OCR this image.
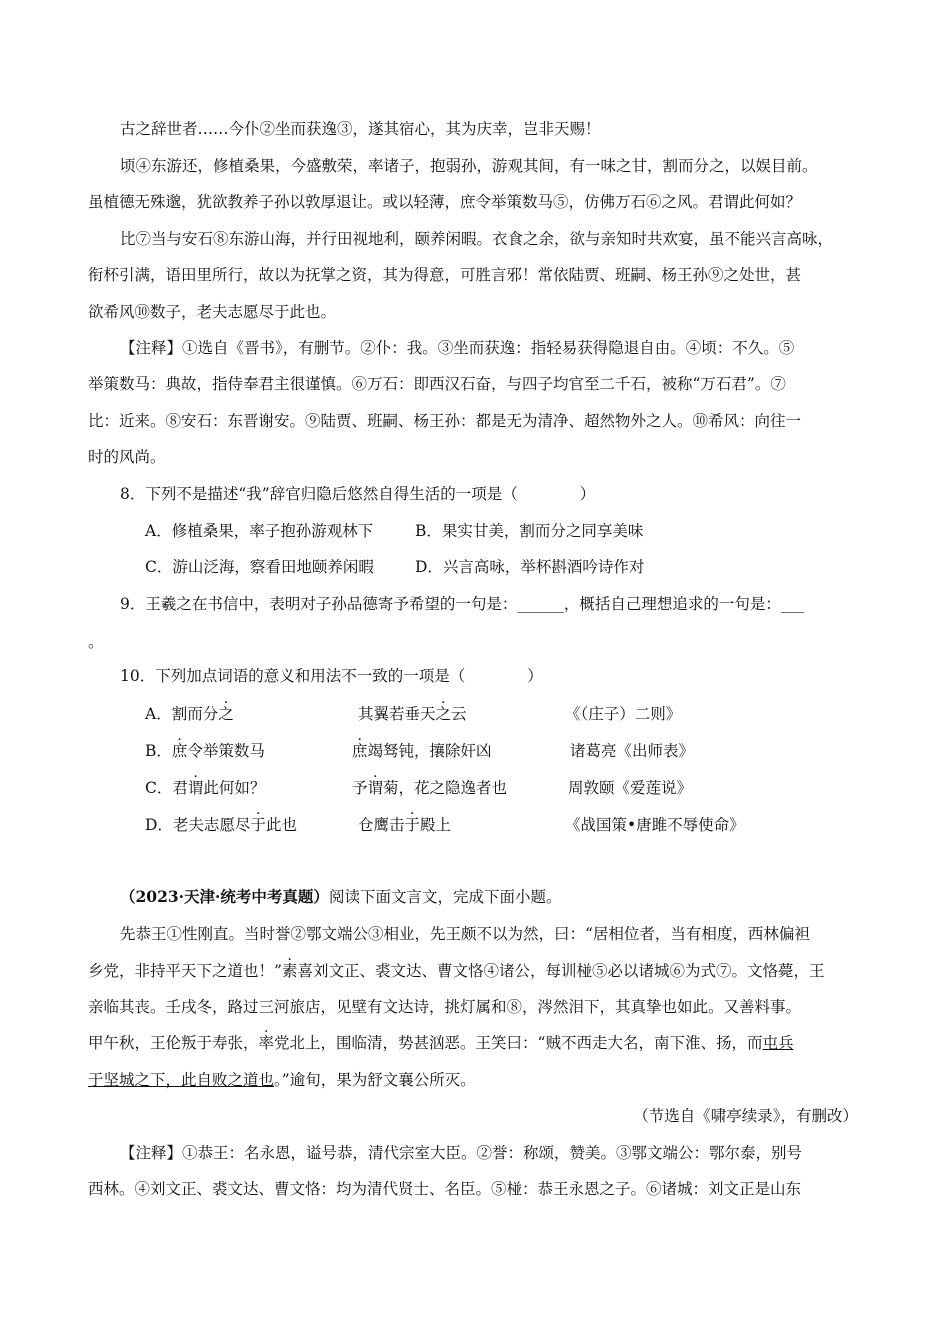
古之辞世者……今仆②坐而获逸③，遂其宿心，其为庆幸，岂非天赐！
顷④东游还，修植桑果，今盛敷荣，率诸子，抱弱孙，游观其间，有一味之甘，割而分之，以娱目前。
虽植德无殊邈，犹欲教养子孙以敦厚退让。或以轻薄，庶令举策数马⑤，仿佛万石⑥之风。君谓此何如？
比⑦当与安石⑧东游山海，并行田视地利，颐养闲暇。衣食之余，欲与亲知时共欢宴，虽不能兴言高咏，
衔杯引满，语田里所行，故以为抚掌之资，其为得意，可胜言邪！常依陆贾、班嗣、杨王孙⑨之处世，甚
欲希风⑩数子，老夫志愿尽于此也。
【注释】①选自《晋书》，有删节。②仆：我。③坐而获逸：指轻易获得隐退自由。④顷：不久。⑤
举策数马：典故，指侍奉君主很谨慎。⑥万石：即西汉石奋，与四子均官至二千石，被称“万石君”。⑦
比：近来。⑧安石：东晋谢安。⑨陆贾、班嗣、杨王孙：都是无为清净、超然物外之人。⑩希风：向往一
时的风尚。
8．下列不是描述“我”辞官归隐后悠然自得生活的一项是（　　　　）
A．修植桑果，率子抱孙游观林下	B．果实甘美，割而分之同享美味
C．游山泛海，察看田地颐养闲暇	D．兴言高咏，举杯斟酒吟诗作对
9．王羲之在书信中，表明对子孙品德寄予希望的一句是：______，概括自己理想追求的一句是：___
。
10．下列加点词语的意义和用法不一致的一项是（　　　　）
A．割而分之	其翼若垂天之云	《（庄子）二则》
B．庶令举策数马	庶竭驽钝，攘除奸凶	诸葛亮《出师表》
C．君谓此何如？	予谓菊，花之隐逸者也	周敦颐《爱莲说》
D．老夫志愿尽于此也	仓鹰击于殿上	《战国策•唐雎不辱使命》
（2023·天津·统考中考真题）阅读下面文言文，完成下面小题。
先恭王①性刚直。当时誉②鄂文端公③相业，先王颇不以为然，曰：“居相位者，当有相度，西林偏袒
乡党，非持平天下之道也！”素喜刘文正、裘文达、曹文恪④诸公，每训椪⑤必以诸城⑥为式⑦。文恪薨，王
亲临其丧。壬戌冬，路过三河旅店，见壁有文达诗，挑灯属和⑧，涔然泪下，其真挚也如此。又善料事。
甲午秋，王伦叛于寿张，率党北上，围临清，势甚汹恶。王笑曰：“贼不西走大名，南下淮、扬，而屯兵
于坚城之下，此自败之道也。”逾旬，果为舒文襄公所灭。
（节选自《啸亭续录》，有删改）
【注释】①恭王：名永恩，谥号恭，清代宗室大臣。②誉：称颂，赞美。③鄂文端公：鄂尔泰，别号
西林。④刘文正、裘文达、曹文恪：均为清代贤士、名臣。⑤椪：恭王永恩之子。⑥诸城：刘文正是山东
